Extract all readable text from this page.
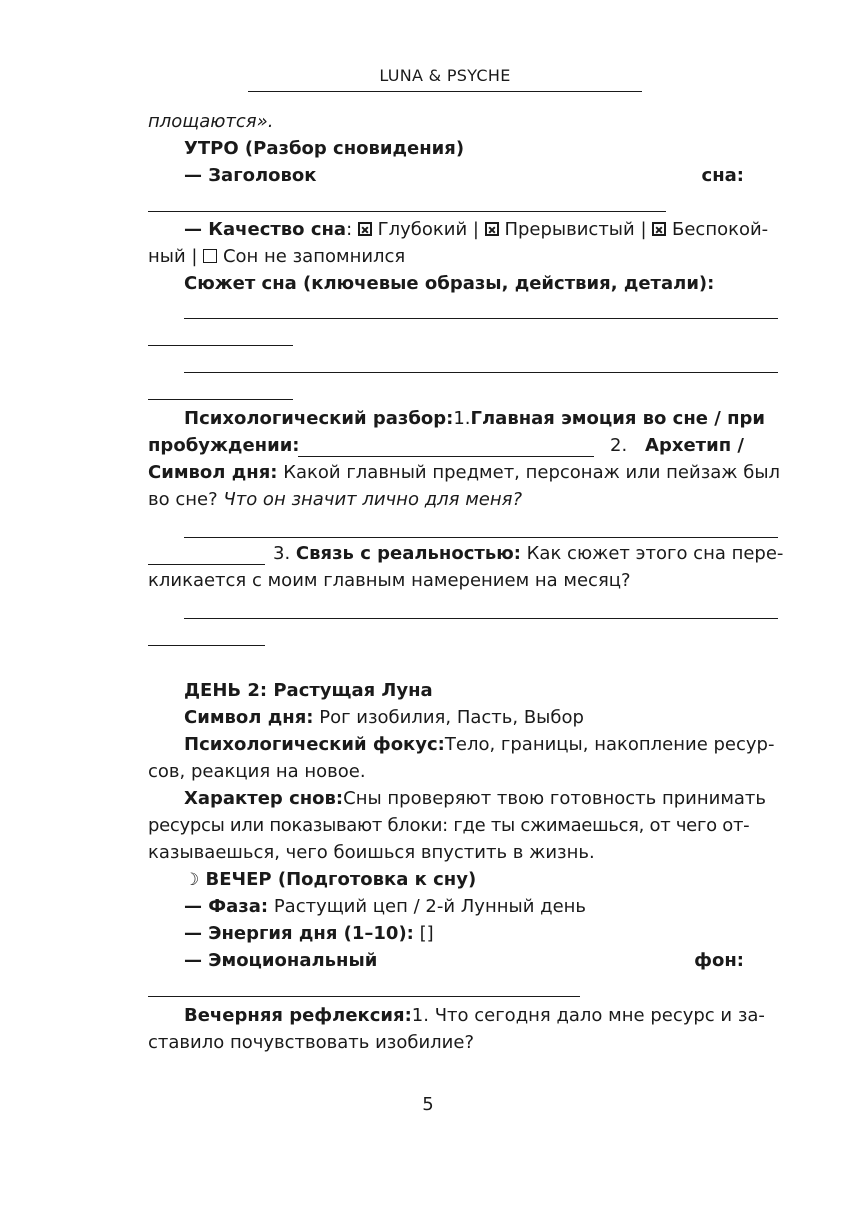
LUNA & PSYCHE
площаются».
УТРО (Разбор сновидения)
— Заголовок	сна:
— Качество сна: Глубокий | Прерывистый | Беспокой-
ный | Сон не запомнился
Сюжет сна (ключевые образы, действия, детали):
Психологический разбор: 1. Главная эмоция во сне / при
пробуждении:	2. Архетип /
Символ дня: Какой главный предмет, персонаж или пейзаж был
во сне? Что он значит лично для меня?
3. Связь с реальностью: Как сюжет этого сна пере-
кликается с моим главным намерением на месяц?
ДЕНЬ 2: Растущая Луна
Символ дня: Рог изобилия, Пасть, Выбор
Психологический фокус: Тело, границы, накопление ресур-
сов, реакция на новое.
Характер снов: Сны проверяют твою готовность принимать
ресурсы или показывают блоки: где ты сжимаешься, от чего от-
казываешься, чего боишься впустить в жизнь.
☽ ВЕЧЕР (Подготовка к сну)
— Фаза: Растущий цеп / 2-й Лунный день
— Энергия дня (1–10): []
— Эмоциональный	фон:
Вечерняя рефлексия: 1. Что сегодня дало мне ресурс и за-
ставило почувствовать изобилие?
5
